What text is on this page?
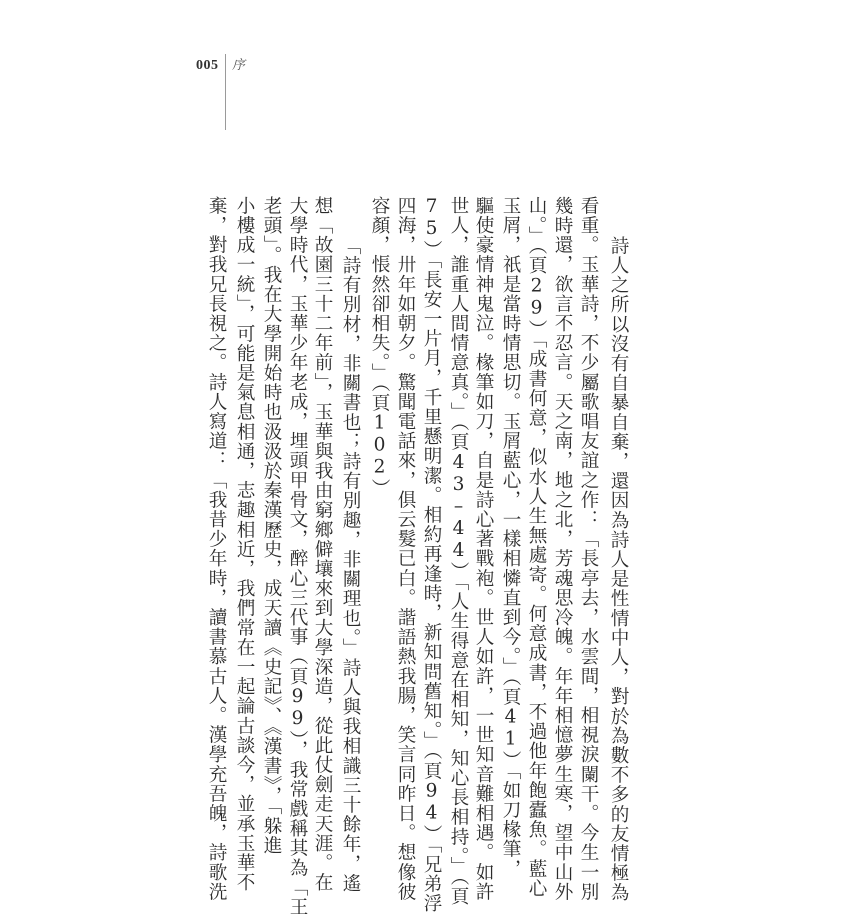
005 序
詩人之所以沒有自暴自棄，還因為詩人是性情中人，對於為數不多的友情極為
看重。玉華詩，不少屬歌唱友誼之作：「長亭去，水雲間，相視淚闌干。今生一別
幾時還，欲言不忍言。天之南，地之北，芳魂思冷魄。年年相憶夢生寒，望中山外
山。」（頁29）「成書何意，似水人生無處寄。何意成書，不過他年飽蠹魚。藍心
玉屑，祇是當時情思切。玉屑藍心，一樣相憐直到今。」（頁41）「如刀椽筆，
驅使豪情神鬼泣。椽筆如刀，自是詩心著戰袍。世人如許，一世知音難相遇。如許
世人，誰重人間情意真。」（頁43–44）「人生得意在相知，知心長相持。」（頁
75）「長安一片月，千里懸明潔。相約再逢時，新知問舊知。」（頁94）「兄弟浮
四海，卅年如朝夕。驚聞電話來，俱云髮已白。諧語熱我腸，笑言同昨日。想像彼
容顏，悵然卻相失。」（頁102）
「詩有別材，非關書也；詩有別趣，非關理也。」詩人與我相識三十餘年，遙
想「故園三十二年前」，玉華與我由窮鄉僻壤來到大學深造，從此仗劍走天涯。在
大學時代，玉華少年老成，埋頭甲骨文，醉心三代事（頁99），我常戲稱其為「王
老頭」。我在大學開始時也汲汲於秦漢歷史，成天讀《史記》、《漢書》，「躲進
小樓成一統」，可能是氣息相通，志趣相近，我們常在一起論古談今，並承玉華不
棄，對我兄長視之。詩人寫道：「我昔少年時，讀書慕古人。漢學充吾魄，詩歌洗
